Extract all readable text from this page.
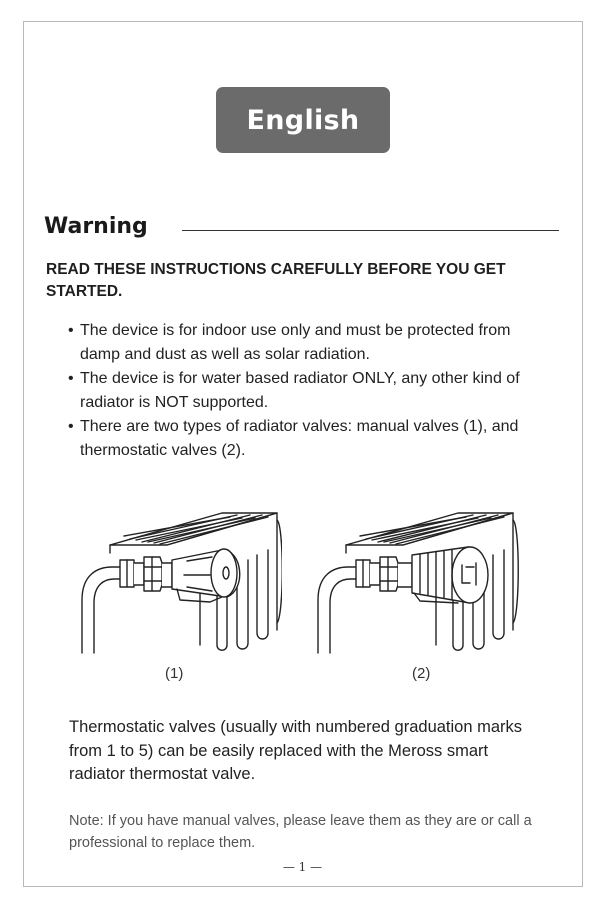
English
Warning
READ THESE INSTRUCTIONS CAREFULLY BEFORE YOU GET STARTED.
• The device is for indoor use only and must be protected from damp and dust as well as solar radiation.
• The device is for water based radiator ONLY, any other kind of radiator is NOT supported.
• There are two types of radiator valves: manual valves (1), and thermostatic valves (2).
(1)	(2)
Thermostatic valves (usually with numbered graduation marks from 1 to 5) can be easily replaced with the Meross smart radiator thermostat valve.
Note: If you have manual valves, please leave them as they are or call a professional to replace them.
— 1 —
